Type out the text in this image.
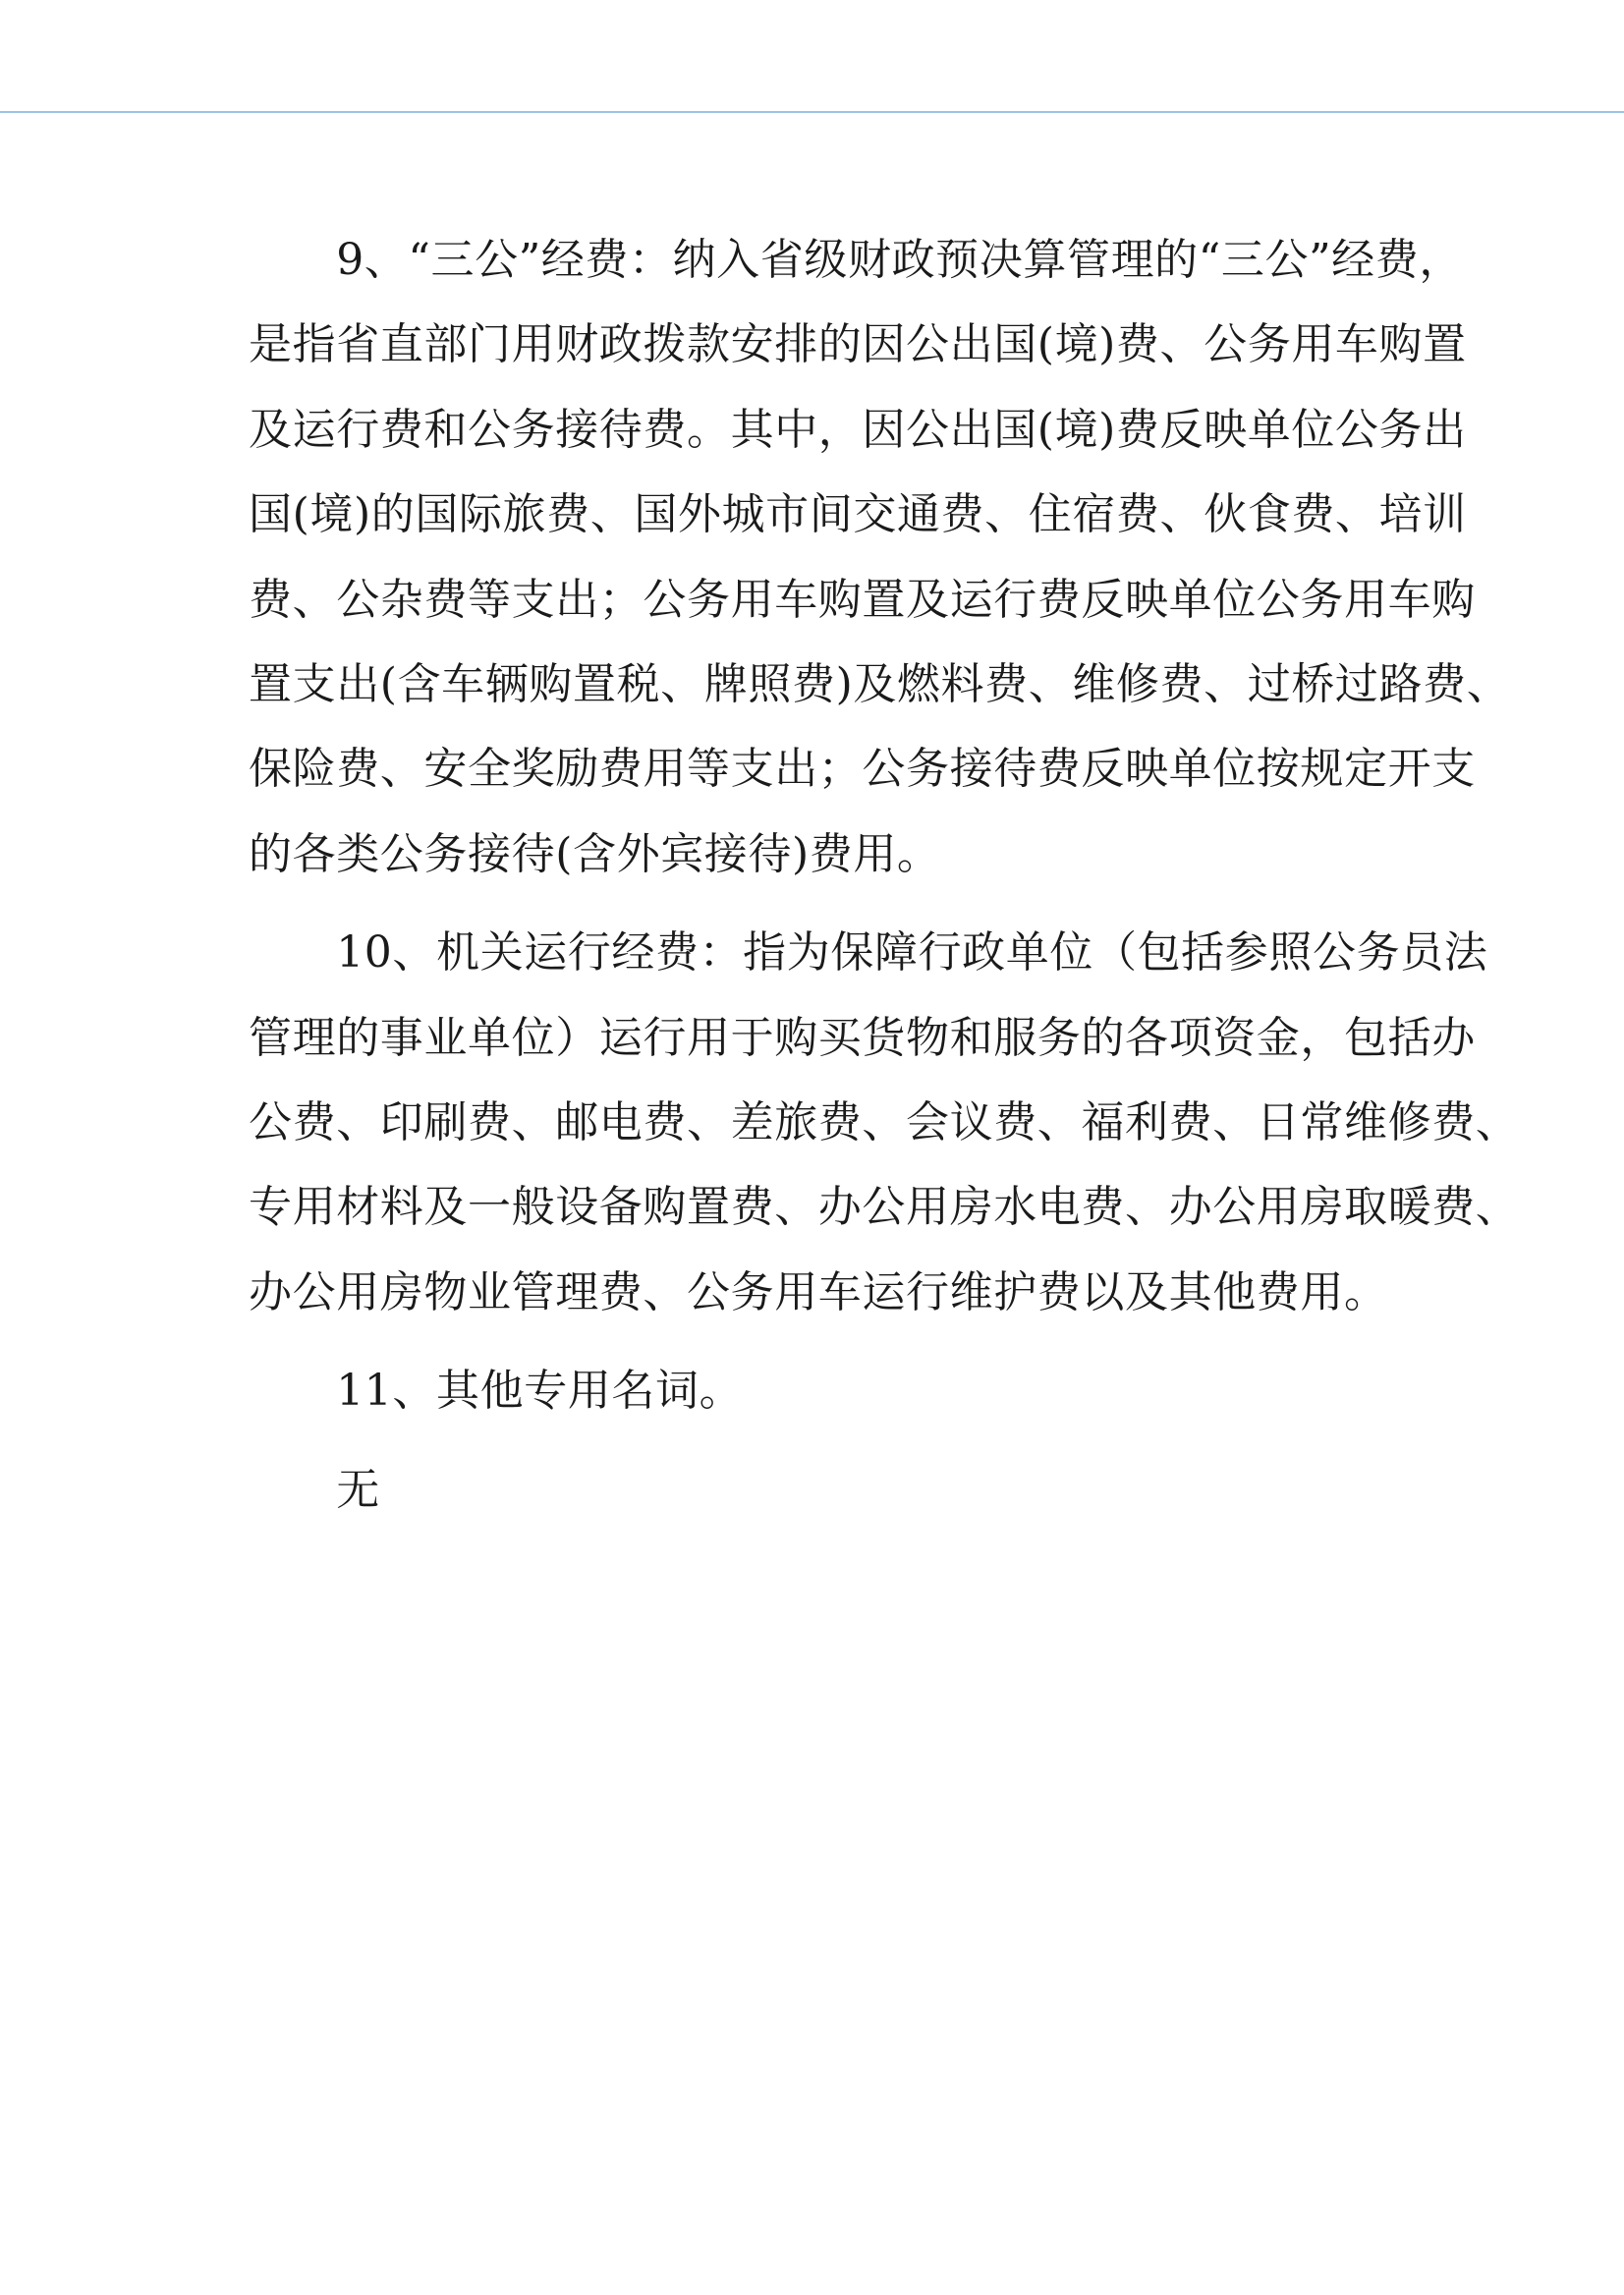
　　9、“三公”经费：纳入省级财政预决算管理的“三公”经费，
是指省直部门用财政拨款安排的因公出国(境)费、公务用车购置
及运行费和公务接待费。其中，因公出国(境)费反映单位公务出
国(境)的国际旅费、国外城市间交通费、住宿费、伙食费、培训
费、公杂费等支出；公务用车购置及运行费反映单位公务用车购
置支出(含车辆购置税、牌照费)及燃料费、维修费、过桥过路费、
保险费、安全奖励费用等支出；公务接待费反映单位按规定开支
的各类公务接待(含外宾接待)费用。
　　10、机关运行经费：指为保障行政单位（包括参照公务员法
管理的事业单位）运行用于购买货物和服务的各项资金，包括办
公费、印刷费、邮电费、差旅费、会议费、福利费、日常维修费、
专用材料及一般设备购置费、办公用房水电费、办公用房取暖费、
办公用房物业管理费、公务用车运行维护费以及其他费用。
　　11、其他专用名词。
　　无
